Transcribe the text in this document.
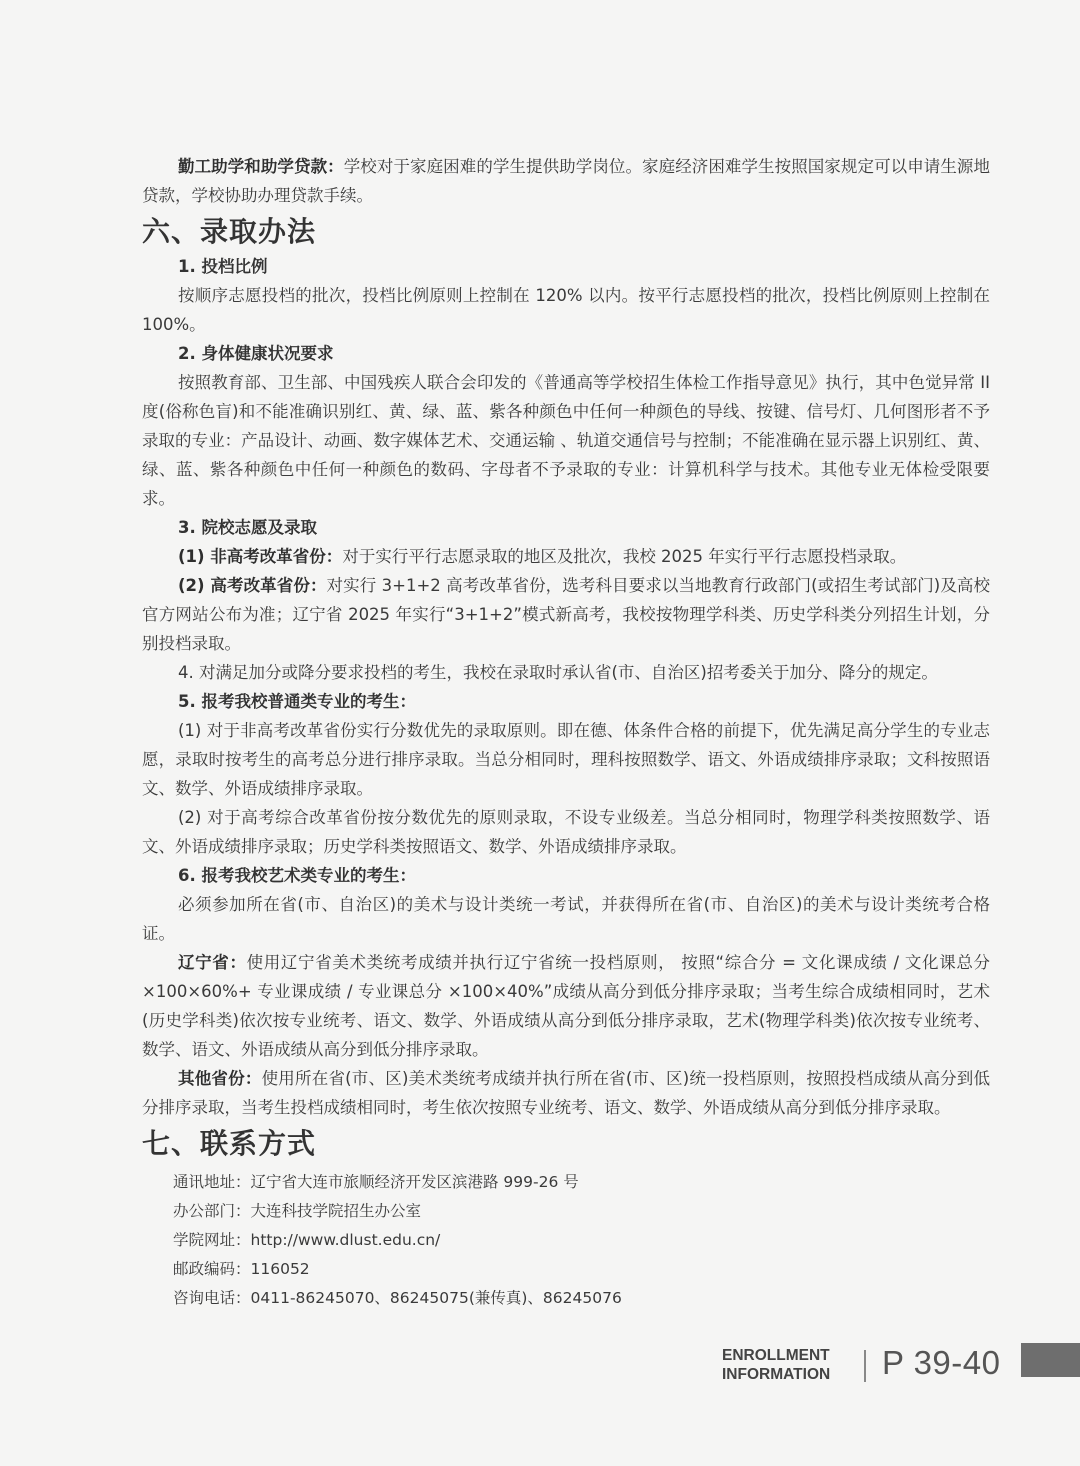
勤工助学和助学贷款：学校对于家庭困难的学生提供助学岗位。家庭经济困难学生按照国家规定可以申请生源地贷款，学校协助办理贷款手续。

六、录取办法
1. 投档比例

按顺序志愿投档的批次，投档比例原则上控制在 120% 以内。按平行志愿投档的批次，投档比例原则上控制在 100%。

2. 身体健康状况要求

按照教育部、卫生部、中国残疾人联合会印发的《普通高等学校招生体检工作指导意见》执行，其中色觉异常 II 度(俗称色盲)和不能准确识别红、黄、绿、蓝、紫各种颜色中任何一种颜色的导线、按键、信号灯、几何图形者不予录取的专业：产品设计、动画、数字媒体艺术、交通运输 、轨道交通信号与控制；不能准确在显示器上识别红、黄、绿、蓝、紫各种颜色中任何一种颜色的数码、字母者不予录取的专业：计算机科学与技术。其他专业无体检受限要求。

3. 院校志愿及录取

(1) 非高考改革省份：对于实行平行志愿录取的地区及批次，我校 2025 年实行平行志愿投档录取。

(2) 高考改革省份：对实行 3+1+2 高考改革省份，选考科目要求以当地教育行政部门(或招生考试部门)及高校官方网站公布为准；辽宁省 2025 年实行“3+1+2”模式新高考，我校按物理学科类、历史学科类分列招生计划，分别投档录取。

4. 对满足加分或降分要求投档的考生，我校在录取时承认省(市、自治区)招考委关于加分、降分的规定。

5. 报考我校普通类专业的考生：

(1) 对于非高考改革省份实行分数优先的录取原则。即在德、体条件合格的前提下，优先满足高分学生的专业志愿，录取时按考生的高考总分进行排序录取。当总分相同时，理科按照数学、语文、外语成绩排序录取；文科按照语文、数学、外语成绩排序录取。

(2) 对于高考综合改革省份按分数优先的原则录取，不设专业级差。当总分相同时，物理学科类按照数学、语文、外语成绩排序录取；历史学科类按照语文、数学、外语成绩排序录取。

6. 报考我校艺术类专业的考生：

必须参加所在省(市、自治区)的美术与设计类统一考试，并获得所在省(市、自治区)的美术与设计类统考合格证。

辽宁省：使用辽宁省美术类统考成绩并执行辽宁省统一投档原则， 按照“综合分 = 文化课成绩 / 文化课总分 ×100×60%+ 专业课成绩 / 专业课总分 ×100×40%”成绩从高分到低分排序录取；当考生综合成绩相同时，艺术(历史学科类)依次按专业统考、语文、数学、外语成绩从高分到低分排序录取，艺术(物理学科类)依次按专业统考、数学、语文、外语成绩从高分到低分排序录取。

其他省份：使用所在省(市、区)美术类统考成绩并执行所在省(市、区)统一投档原则，按照投档成绩从高分到低分排序录取，当考生投档成绩相同时，考生依次按照专业统考、语文、数学、外语成绩从高分到低分排序录取。

七、联系方式

通讯地址：辽宁省大连市旅顺经济开发区滨港路 999-26 号

办公部门：大连科技学院招生办公室

学院网址：http://www.dlust.edu.cn/

邮政编码：116052

咨询电话：0411-86245070、86245075(兼传真)、86245076

ENROLLMENT
INFORMATION P 39-40
